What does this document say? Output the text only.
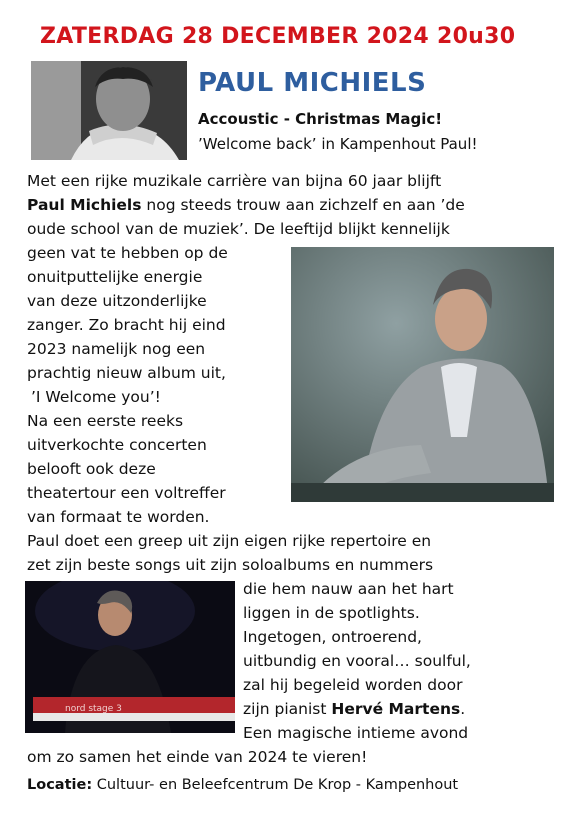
ZATERDAG 28 DECEMBER 2024 20u30
PAUL MICHIELS
Accoustic - Christmas Magic!
’Welcome back’ in Kampenhout Paul!
Met een rijke muzikale carrière van bijna 60 jaar blijft
Paul Michiels nog steeds trouw aan zichzelf en aan ’de
oude school van de muziek’. De leeftijd blijkt kennelijk
geen vat te hebben op de
onuitputtelijke energie
van deze uitzonderlijke
zanger. Zo bracht hij eind
2023 namelijk nog een
prachtig nieuw album uit,
’I Welcome you’!
Na een eerste reeks
uitverkochte concerten
belooft ook deze
theatertour een voltreffer
van formaat te worden.
Paul doet een greep uit zijn eigen rijke repertoire en
zet zijn beste songs uit zijn soloalbums en nummers
nord stage 3
die hem nauw aan het hart
liggen in de spotlights.
Ingetogen, ontroerend,
uitbundig en vooral… soulful,
zal hij begeleid worden door
zijn pianist Hervé Martens.
Een magische intieme avond
om zo samen het einde van 2024 te vieren!
Locatie: Cultuur- en Beleefcentrum De Krop - Kampenhout
